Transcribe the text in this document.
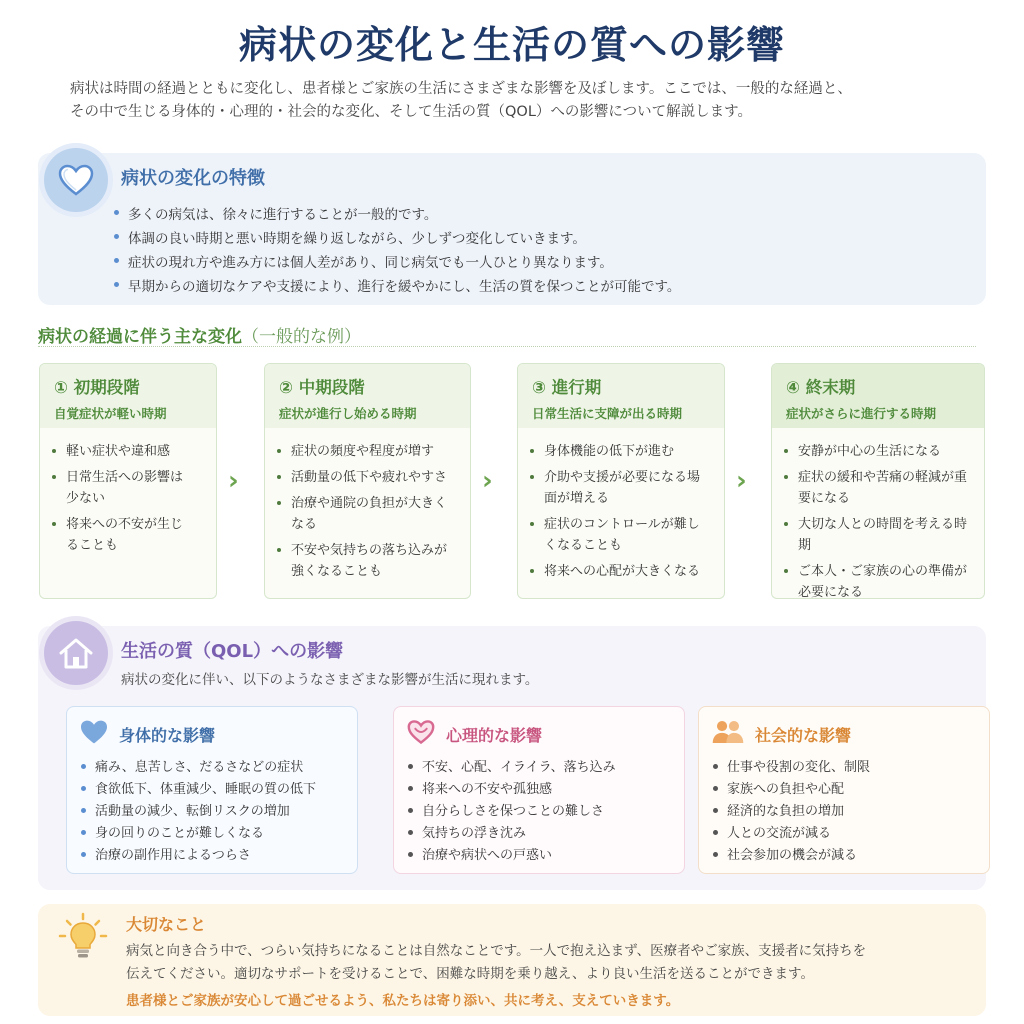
病状の変化と生活の質への影響

病状は時間の経過とともに変化し、患者様とご家族の生活にさまざまな影響を及ぼします。ここでは、一般的な経過と、

その中で生じる身体的・心理的・社会的な変化、そして生活の質（QOL）への影響について解説します。

多くの病気は、徐々に進行することが一般的です。
体調の良い時期と悪い時期を繰り返しながら、少しずつ変化していきます。
症状の現れ方や進み方には個人差があり、同じ病気でも一人ひとり異なります。
早期からの適切なケアや支援により、進行を緩やかにし、生活の質を保つことが可能です。
病状の変化の特徴
病状の経過に伴う主な変化（一般的な例）
① 初期段階
自覚症状が軽い時期
軽い症状や違和感
日常生活への影響は少ない
将来への不安が生じることも
›
② 中期段階
症状が進行し始める時期
症状の頻度や程度が増す
活動量の低下や疲れやすさ
治療や通院の負担が大きくなる
不安や気持ちの落ち込みが強くなることも
›
③ 進行期
日常生活に支障が出る時期
身体機能の低下が進む
介助や支援が必要になる場面が増える
症状のコントロールが難しくなることも
将来への心配が大きくなる
›
④ 終末期
症状がさらに進行する時期
安静が中心の生活になる
症状の緩和や苦痛の軽減が重要になる
大切な人との時間を考える時期
ご本人・ご家族の心の準備が必要になる
生活の質（QOL）への影響
病状の変化に伴い、以下のようなさまざまな影響が生活に現れます。
身体的な影響
痛み、息苦しさ、だるさなどの症状
食欲低下、体重減少、睡眠の質の低下
活動量の減少、転倒リスクの増加
身の回りのことが難しくなる
治療の副作用によるつらさ
心理的な影響
不安、心配、イライラ、落ち込み
将来への不安や孤独感
自分らしさを保つことの難しさ
気持ちの浮き沈み
治療や病状への戸惑い
社会的な影響
仕事や役割の変化、制限
家族への負担や心配
経済的な負担の増加
人との交流が減る
社会参加の機会が減る
大切なこと

病気と向き合う中で、つらい気持ちになることは自然なことです。一人で抱え込まず、医療者やご家族、支援者に気持ちを

伝えてください。適切なサポートを受けることで、困難な時期を乗り越え、より良い生活を送ることができます。

患者様とご家族が安心して過ごせるよう、私たちは寄り添い、共に考え、支えていきます。
